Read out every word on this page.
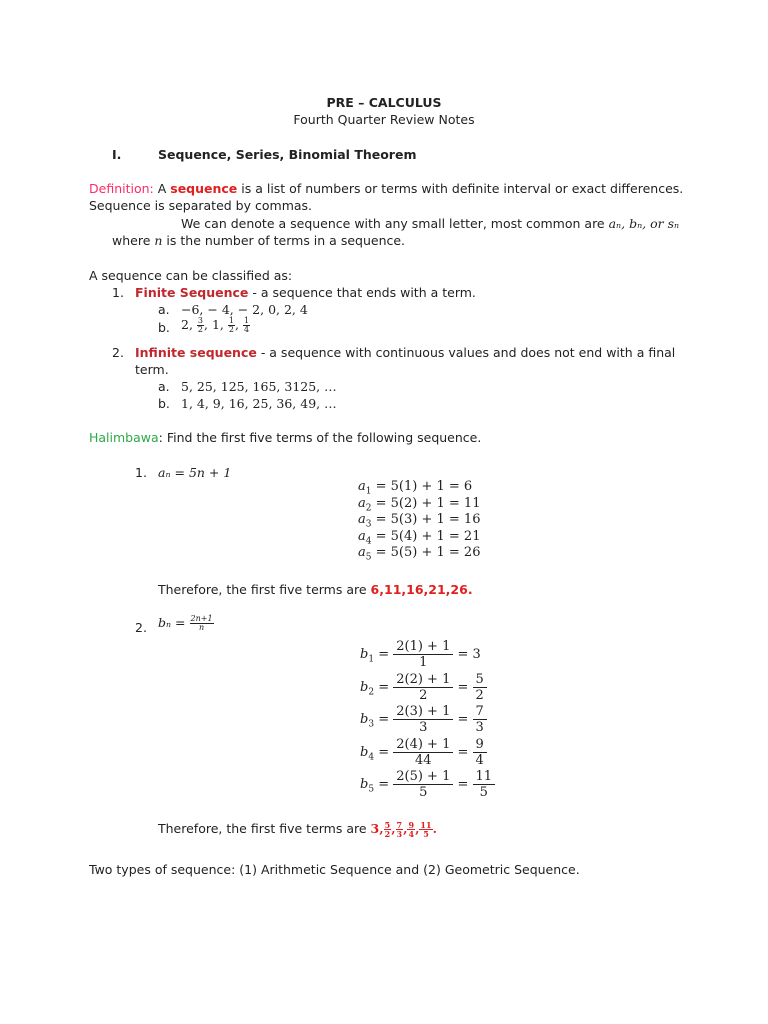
PRE – CALCULUS
Fourth Quarter Review Notes
I.	Sequence, Series, Binomial Theorem
Definition: A sequence is a list of numbers or terms with definite interval or exact differences.
Sequence is separated by commas.
We can denote a sequence with any small letter, most common are aₙ, bₙ, or sₙ
where n is the number of terms in a sequence.
A sequence can be classified as:
1. Finite Sequence - a sequence that ends with a term.
a. −6, − 4, − 2, 0, 2, 4
b. 2, $\frac{3}{2}$ , 1, $\frac{1}{2}$ , $\frac{1}{4}$
2. Infinite sequence - a sequence with continuous values and does not end with a final
term.
a. 5, 25, 125, 165, 3125, …
b. 1, 4, 9, 16, 25, 36, 49, …
Halimbawa: Find the first five terms of the following sequence.
1. aₙ = 5n + 1
$a_1 = 5(1) + 1 = 6$
$a_2 = 5(2) + 1 = 11$
$a_3 = 5(3) + 1 = 16$
$a_4 = 5(4) + 1 = 21$
$a_5 = 5(5) + 1 = 26$
Therefore, the first five terms are 6,11,16,21,26.
2. $b_n = \frac{2n+1}{n}$
$b_1 = \frac{2(1) + 1}{1} = 3$
$b_2 = \frac{2(2) + 1}{2} = \frac{5}{2}$
$b_3 = \frac{2(3) + 1}{3} = \frac{7}{3}$
$b_4 = \frac{2(4) + 1}{44} = \frac{9}{4}$
$b_5 = \frac{2(5) + 1}{5} = \frac{11}{5}$
Therefore, the first five terms are 3, $\frac{5}{2}$ , $\frac{7}{3}$ , $\frac{9}{4}$ , $\frac{11}{5}$ .
Two types of sequence: (1) Arithmetic Sequence and (2) Geometric Sequence.
